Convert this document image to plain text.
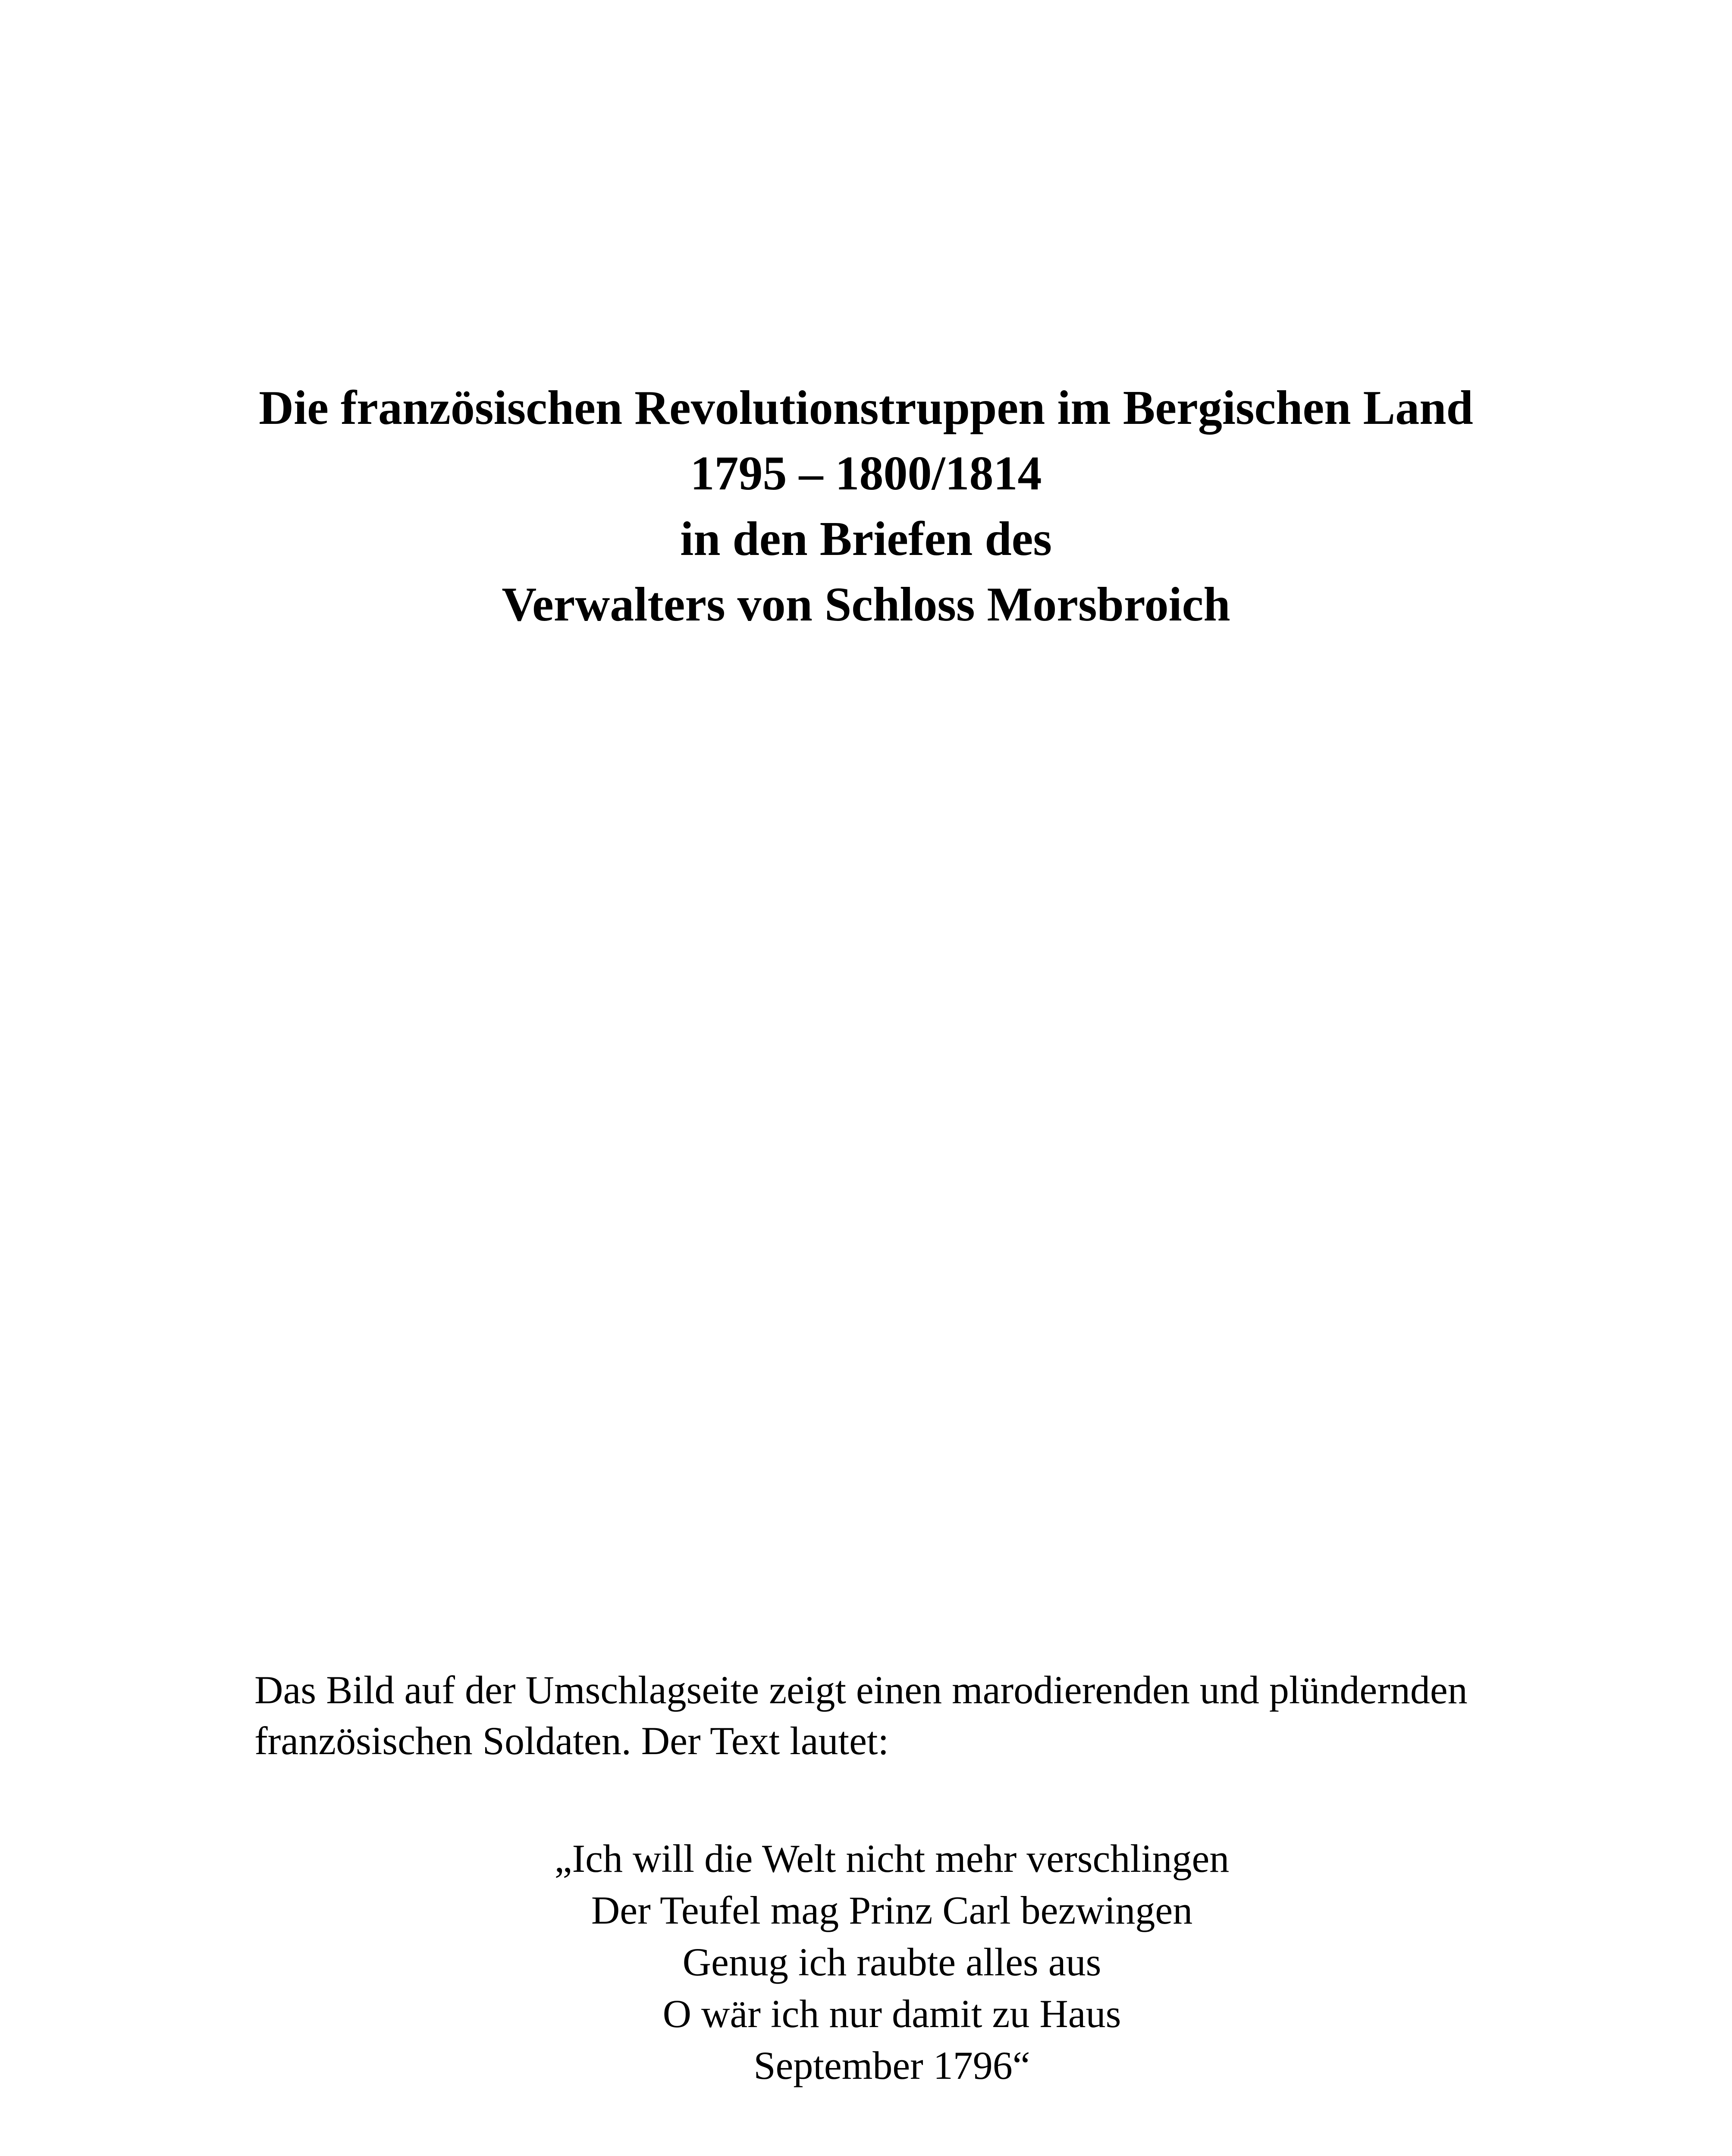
Die französischen Revolutionstruppen im Bergischen Land
1795 – 1800/1814
in den Briefen des
Verwalters von Schloss Morsbroich
Das Bild auf der Umschlagseite zeigt einen marodierenden und plündernden
französischen Soldaten. Der Text lautet:
„Ich will die Welt nicht mehr verschlingen
Der Teufel mag Prinz Carl bezwingen
Genug ich raubte alles aus
O wär ich nur damit zu Haus
September 1796“
